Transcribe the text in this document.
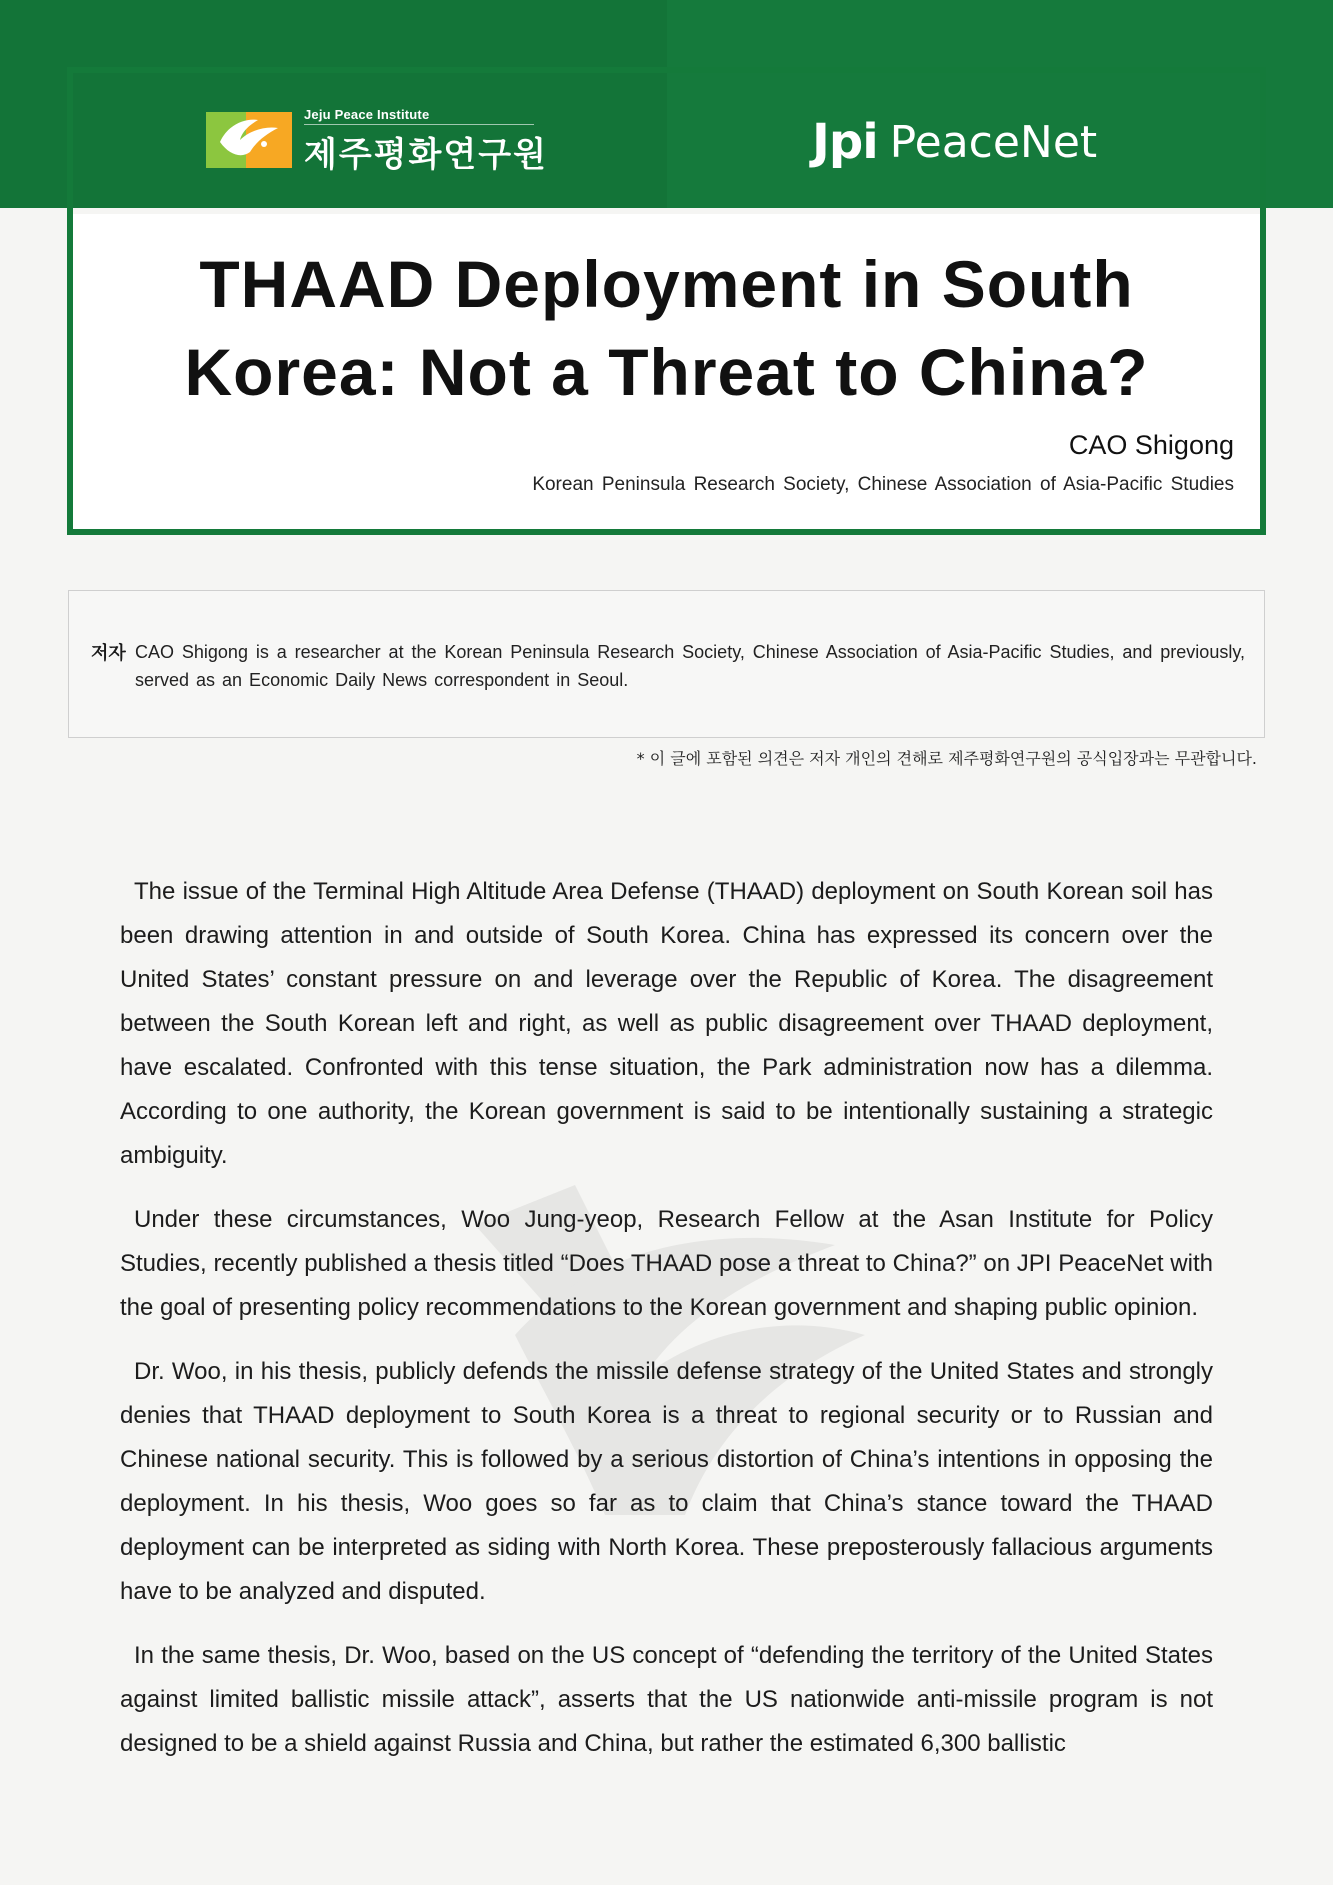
Jeju Peace Institute
제주평화연구원	Jpi PeaceNet
THAAD Deployment in South
Korea: Not a Threat to China?
CAO Shigong
Korean Peninsula Research Society, Chinese Association of Asia-Pacific Studies
저자 CAO Shigong is a researcher at the Korean Peninsula Research Society, Chinese Association of Asia-Pacific Studies, and previously, served as an Economic Daily News correspondent in Seoul.
* 이 글에 포함된 의견은 저자 개인의 견해로 제주평화연구원의 공식입장과는 무관합니다.

The issue of the Terminal High Altitude Area Defense (THAAD) deployment on South Korean soil has been drawing attention in and outside of South Korea. China has expressed its concern over the United States’ constant pressure on and leverage over the Republic of Korea. The disagreement between the South Korean left and right, as well as public disagreement over THAAD deployment, have escalated. Confronted with this tense situation, the Park administration now has a dilemma. According to one authority, the Korean government is said to be intentionally sustaining a strategic ambiguity.

Under these circumstances, Woo Jung-yeop, Research Fellow at the Asan Institute for Policy Studies, recently published a thesis titled “Does THAAD pose a threat to China?” on JPI PeaceNet with the goal of presenting policy recommendations to the Korean government and shaping public opinion.

Dr. Woo, in his thesis, publicly defends the missile defense strategy of the United States and strongly denies that THAAD deployment to South Korea is a threat to regional security or to Russian and Chinese national security. This is followed by a serious distortion of China’s intentions in opposing the deployment. In his thesis, Woo goes so far as to claim that China’s stance toward the THAAD deployment can be interpreted as siding with North Korea. These preposterously fallacious arguments have to be analyzed and disputed.

In the same thesis, Dr. Woo, based on the US concept of “defending the territory of the United States against limited ballistic missile attack”, asserts that the US nationwide anti-missile program is not designed to be a shield against Russia and China, but rather the estimated 6,300 ballistic
